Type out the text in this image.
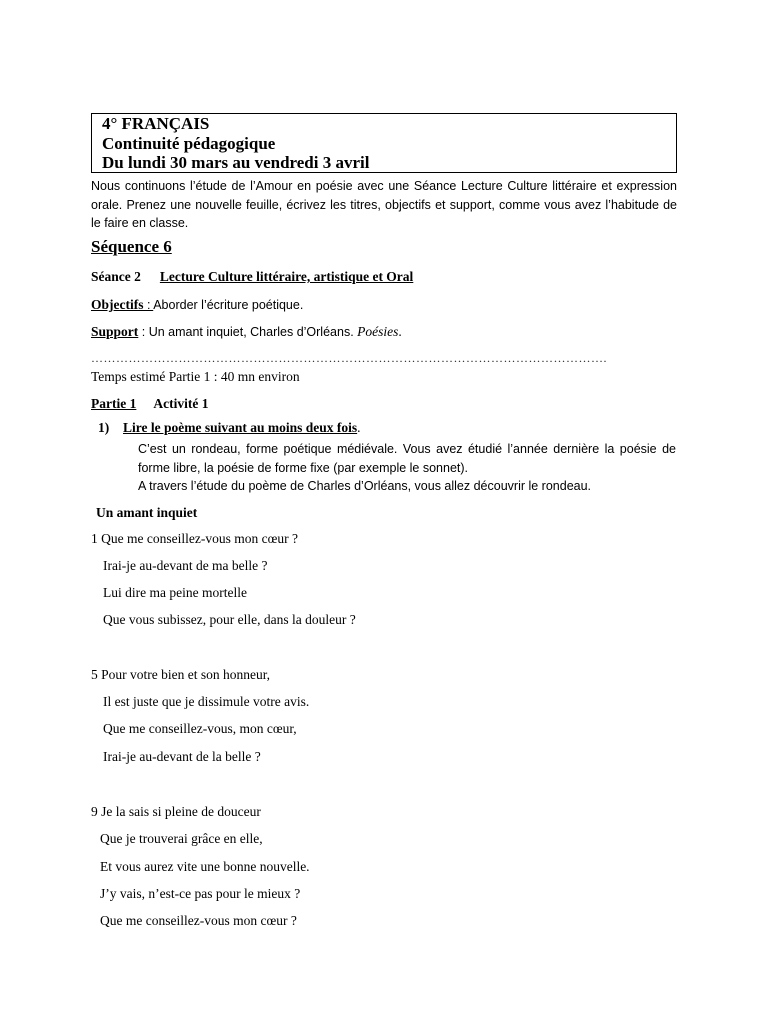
4° FRANÇAIS
Continuité pédagogique
Du lundi 30 mars au vendredi 3 avril
Nous continuons l’étude de l’Amour en poésie avec une Séance Lecture Culture littéraire et expression orale. Prenez une nouvelle feuille, écrivez les titres, objectifs et support, comme vous avez l’habitude de le faire en classe.
Séquence 6
Séance 2 Lecture Culture littéraire, artistique et Oral
Objectifs : Aborder l’écriture poétique.
Support : Un amant inquiet, Charles d’Orléans. Poésies.
…………………………………………………………………………………………………………….
Temps estimé Partie 1 : 40 mn environ
Partie 1 Activité 1
1) Lire le poème suivant au moins deux fois.
C’est un rondeau, forme poétique médiévale. Vous avez étudié l’année dernière la poésie de forme libre, la poésie de forme fixe (par exemple le sonnet).
A travers l’étude du poème de Charles d’Orléans, vous allez découvrir le rondeau.
Un amant inquiet
1 Que me conseillez-vous mon cœur ?
Irai-je au-devant de ma belle ?
Lui dire ma peine mortelle
Que vous subissez, pour elle, dans la douleur ?
5 Pour votre bien et son honneur,
Il est juste que je dissimule votre avis.
Que me conseillez-vous, mon cœur,
Irai-je au-devant de la belle ?
9 Je la sais si pleine de douceur
Que je trouverai grâce en elle,
Et vous aurez vite une bonne nouvelle.
J’y vais, n’est-ce pas pour le mieux ?
Que me conseillez-vous mon cœur ?
